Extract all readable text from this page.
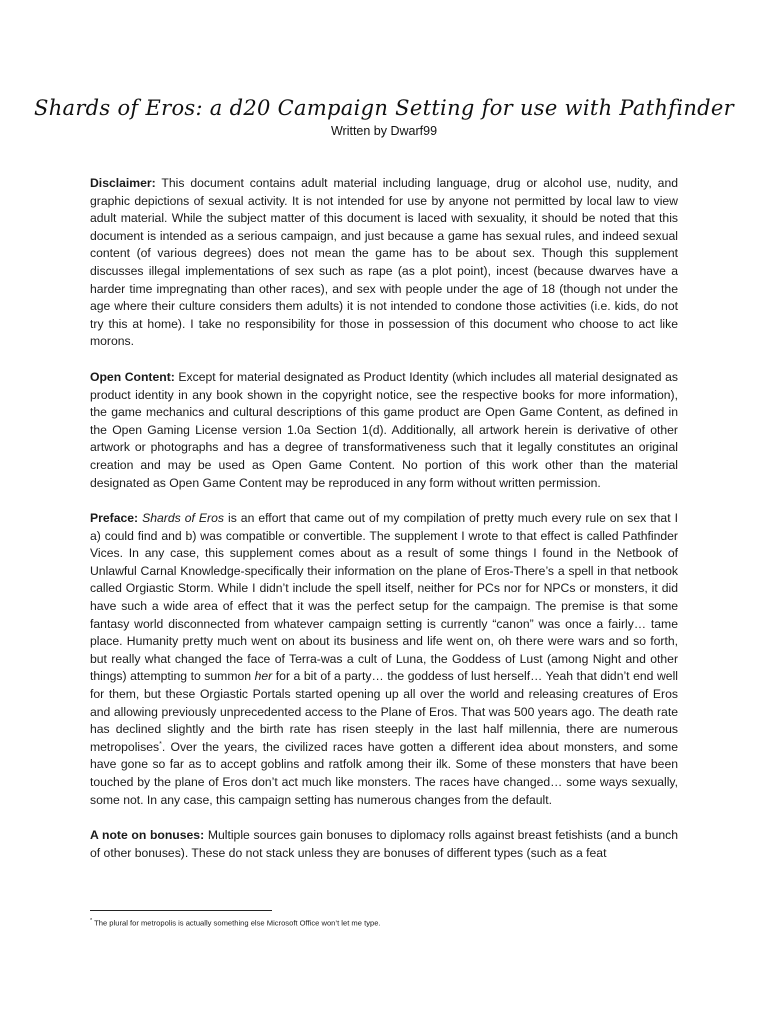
Shards of Eros: a d20 Campaign Setting for use with Pathfinder
Written by Dwarf99

Disclaimer: This document contains adult material including language, drug or alcohol use, nudity, and graphic depictions of sexual activity. It is not intended for use by anyone not permitted by local law to view adult material. While the subject matter of this document is laced with sexuality, it should be noted that this document is intended as a serious campaign, and just because a game has sexual rules, and indeed sexual content (of various degrees) does not mean the game has to be about sex. Though this supplement discusses illegal implementations of sex such as rape (as a plot point), incest (because dwarves have a harder time impregnating than other races), and sex with people under the age of 18 (though not under the age where their culture considers them adults) it is not intended to condone those activities (i.e. kids, do not try this at home). I take no responsibility for those in possession of this document who choose to act like morons.

Open Content: Except for material designated as Product Identity (which includes all material designated as product identity in any book shown in the copyright notice, see the respective books for more information), the game mechanics and cultural descriptions of this game product are Open Game Content, as defined in the Open Gaming License version 1.0a Section 1(d). Additionally, all artwork herein is derivative of other artwork or photographs and has a degree of transformativeness such that it legally constitutes an original creation and may be used as Open Game Content. No portion of this work other than the material designated as Open Game Content may be reproduced in any form without written permission.

Preface: Shards of Eros is an effort that came out of my compilation of pretty much every rule on sex that I a) could find and b) was compatible or convertible. The supplement I wrote to that effect is called Pathfinder Vices. In any case, this supplement comes about as a result of some things I found in the Netbook of Unlawful Carnal Knowledge-specifically their information on the plane of Eros-There’s a spell in that netbook called Orgiastic Storm. While I didn’t include the spell itself, neither for PCs nor for NPCs or monsters, it did have such a wide area of effect that it was the perfect setup for the campaign. The premise is that some fantasy world disconnected from whatever campaign setting is currently “canon” was once a fairly… tame place. Humanity pretty much went on about its business and life went on, oh there were wars and so forth, but really what changed the face of Terra-was a cult of Luna, the Goddess of Lust (among Night and other things) attempting to summon her for a bit of a party… the goddess of lust herself… Yeah that didn’t end well for them, but these Orgiastic Portals started opening up all over the world and releasing creatures of Eros and allowing previously unprecedented access to the Plane of Eros. That was 500 years ago. The death rate has declined slightly and the birth rate has risen steeply in the last half millennia, there are numerous metropolises*. Over the years, the civilized races have gotten a different idea about monsters, and some have gone so far as to accept goblins and ratfolk among their ilk. Some of these monsters that have been touched by the plane of Eros don’t act much like monsters. The races have changed… some ways sexually, some not. In any case, this campaign setting has numerous changes from the default.

A note on bonuses: Multiple sources gain bonuses to diplomacy rolls against breast fetishists (and a bunch of other bonuses). These do not stack unless they are bonuses of different types (such as a feat

* The plural for metropolis is actually something else Microsoft Office won’t let me type.
